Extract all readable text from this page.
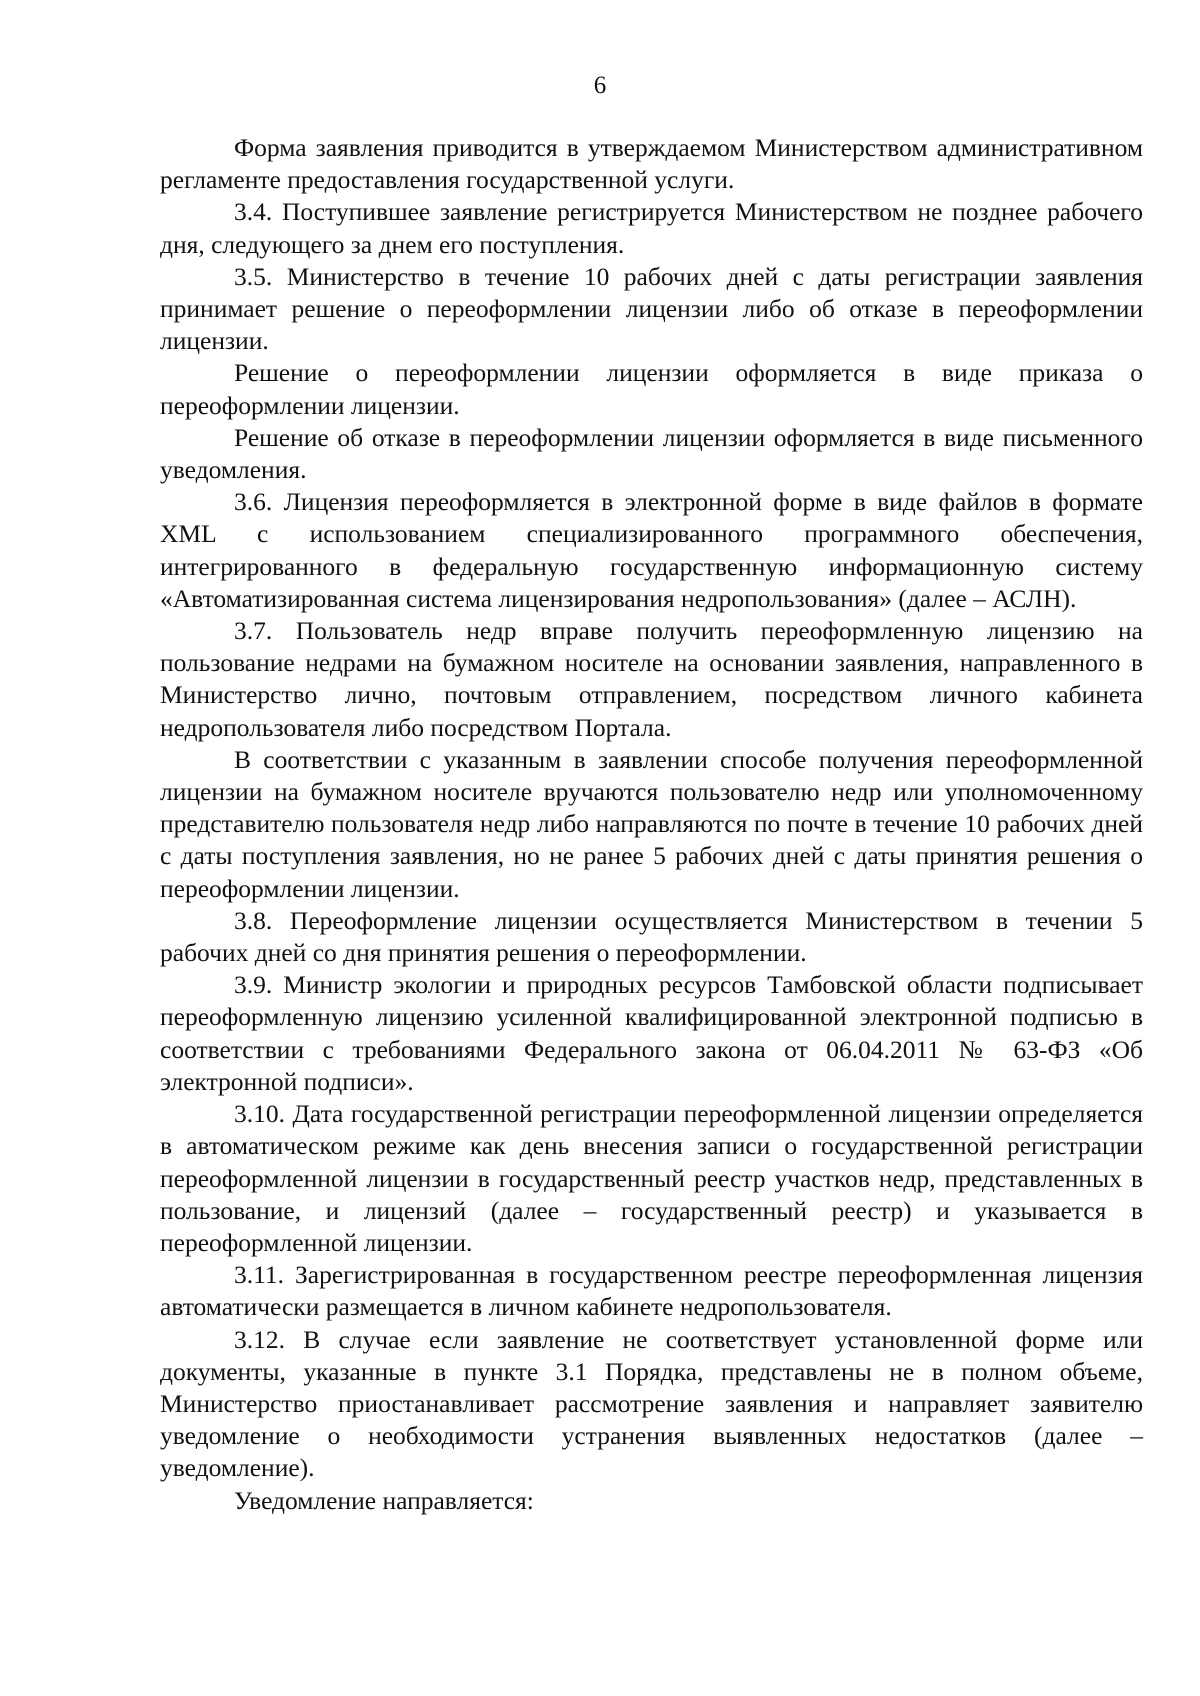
6

Форма заявления приводится в утверждаемом Министерством административном регламенте предоставления государственной услуги.

3.4. Поступившее заявление регистрируется Министерством не позднее рабочего дня, следующего за днем его поступления.

3.5. Министерство в течение 10 рабочих дней с даты регистрации заявления принимает решение о переоформлении лицензии либо об отказе в переоформлении лицензии.

Решение о переоформлении лицензии оформляется в виде приказа о переоформлении лицензии.

Решение об отказе в переоформлении лицензии оформляется в виде письменного уведомления.

3.6. Лицензия переоформляется в электронной форме в виде файлов в формате XML с использованием специализированного программного обеспечения, интегрированного в федеральную государственную информационную систему «Автоматизированная система лицензирования недропользования» (далее – АСЛН).

3.7. Пользователь недр вправе получить переоформленную лицензию на пользование недрами на бумажном носителе на основании заявления, направленного в Министерство лично, почтовым отправлением, посредством личного кабинета недропользователя либо посредством Портала.

В соответствии с указанным в заявлении способе получения переоформленной лицензии на бумажном носителе вручаются пользователю недр или уполномоченному представителю пользователя недр либо направляются по почте в течение 10 рабочих дней с даты поступления заявления, но не ранее 5 рабочих дней с даты принятия решения о переоформлении лицензии.

3.8. Переоформление лицензии осуществляется Министерством в течении 5 рабочих дней со дня принятия решения о переоформлении.

3.9. Министр экологии и природных ресурсов Тамбовской области подписывает переоформленную лицензию усиленной квалифицированной электронной подписью в соответствии с требованиями Федерального закона от 06.04.2011 № 63-ФЗ «Об электронной подписи».

3.10. Дата государственной регистрации переоформленной лицензии определяется в автоматическом режиме как день внесения записи о государственной регистрации переоформленной лицензии в государственный реестр участков недр, представленных в пользование, и лицензий (далее – государственный реестр) и указывается в переоформленной лицензии.

3.11. Зарегистрированная в государственном реестре переоформленная лицензия автоматически размещается в личном кабинете недропользователя.

3.12. В случае если заявление не соответствует установленной форме или документы, указанные в пункте 3.1 Порядка, представлены не в полном объеме, Министерство приостанавливает рассмотрение заявления и направляет заявителю уведомление о необходимости устранения выявленных недостатков (далее – уведомление).

Уведомление направляется:
